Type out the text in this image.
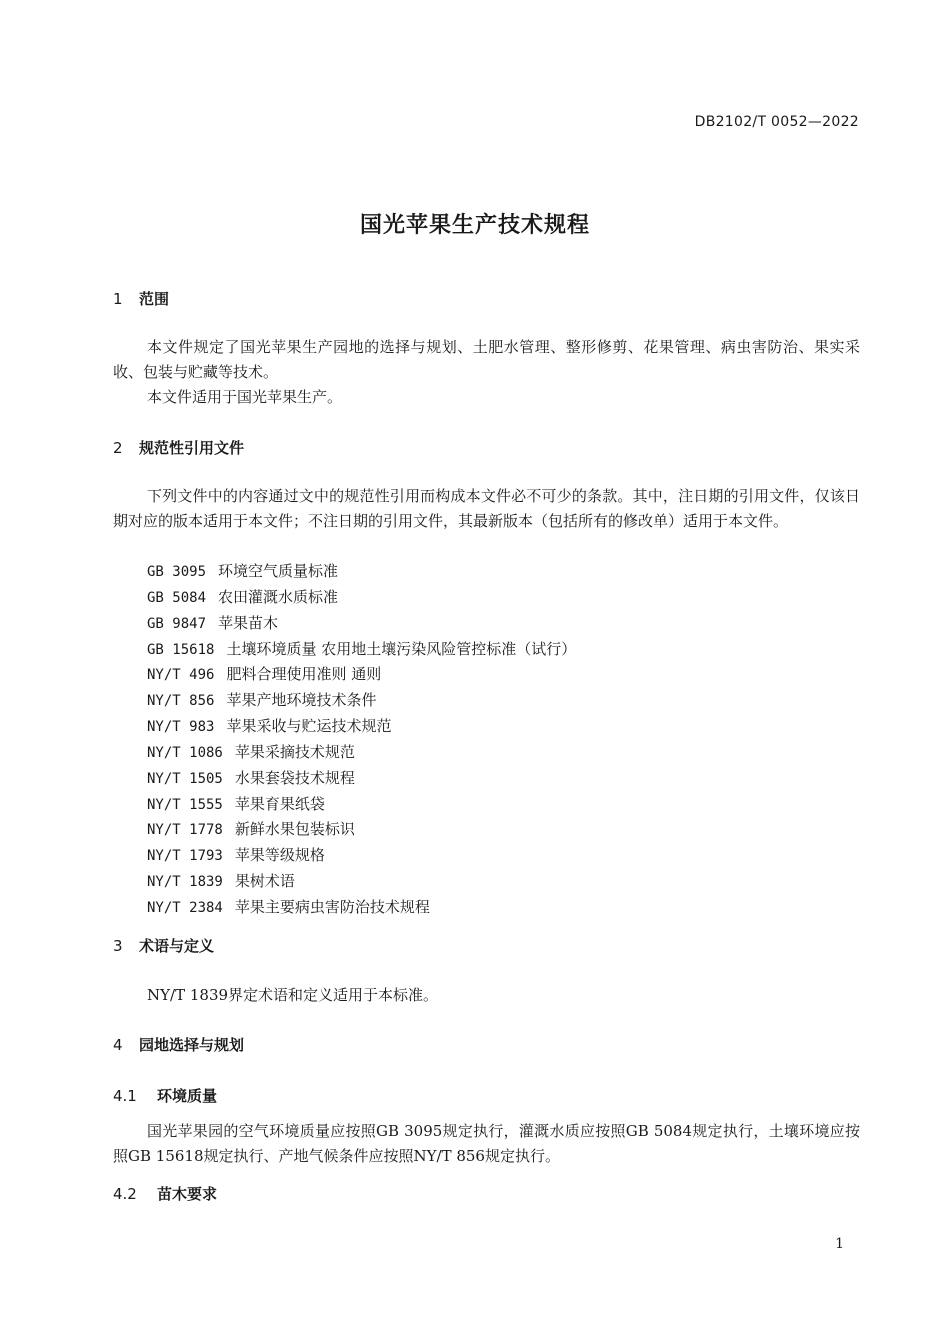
DB2102/T 0052—2022
国光苹果生产技术规程
1 范围
本文件规定了国光苹果生产园地的选择与规划、土肥水管理、整形修剪、花果管理、病虫害防治、果实采收、包装与贮藏等技术。
本文件适用于国光苹果生产。
2 规范性引用文件
下列文件中的内容通过文中的规范性引用而构成本文件必不可少的条款。其中，注日期的引用文件，仅该日期对应的版本适用于本文件；不注日期的引用文件，其最新版本（包括所有的修改单）适用于本文件。
GB 3095 环境空气质量标准
GB 5084 农田灌溉水质标准
GB 9847 苹果苗木
GB 15618 土壤环境质量 农用地土壤污染风险管控标准（试行）
NY/T 496 肥料合理使用准则 通则
NY/T 856 苹果产地环境技术条件
NY/T 983 苹果采收与贮运技术规范
NY/T 1086 苹果采摘技术规范
NY/T 1505 水果套袋技术规程
NY/T 1555 苹果育果纸袋
NY/T 1778 新鲜水果包装标识
NY/T 1793 苹果等级规格
NY/T 1839 果树术语
NY/T 2384 苹果主要病虫害防治技术规程
3 术语与定义
NY/T 1839界定术语和定义适用于本标准。
4 园地选择与规划
4.1 环境质量
国光苹果园的空气环境质量应按照GB 3095规定执行，灌溉水质应按照GB 5084规定执行，土壤环境应按照GB 15618规定执行、产地气候条件应按照NY/T 856规定执行。
4.2 苗木要求
1
